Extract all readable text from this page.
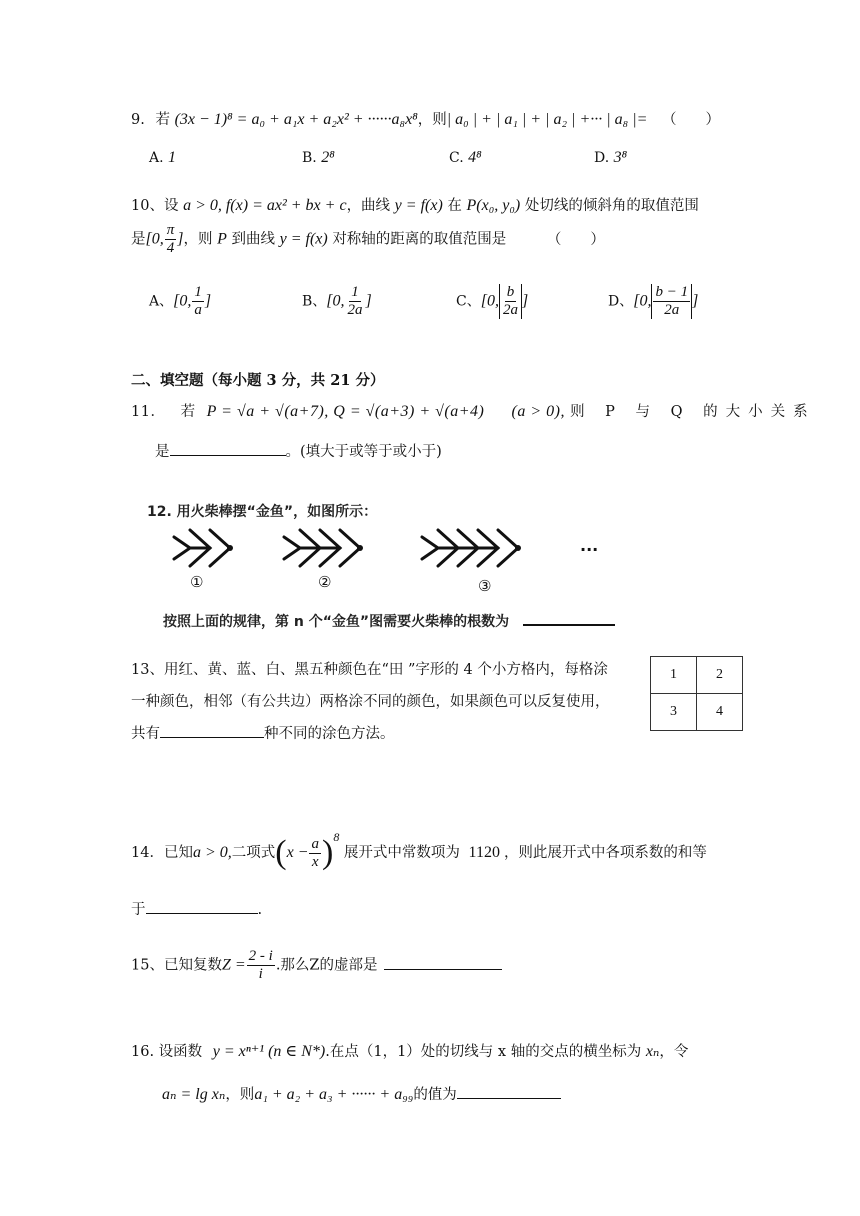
9. 若 (3x − 1)⁸ = a₀ + a₁x + a₂x² + ······a₈x⁸，则| a₀ | + | a₁ | + | a₂ | +··· | a₈ |= （　　）
A. 1	B. 2⁸	C. 4⁸	D. 3⁸
10、设 a > 0, f(x) = ax² + bx + c，曲线 y = f(x) 在 P(x₀, y₀) 处切线的倾斜角的取值范围
是[0, $\frac{\pi}{4}$ ]，则 P 到曲线 y = f(x) 对称轴的距离的取值范围是	（　　）
A、[0, $\frac{1}{a}$ ]	B、[0, $\frac{1}{2a}$ ]	C、[0, $\frac{b}{2a}$ ]	D、[0, $\frac{b - 1}{2a}$ ]
二、填空题（每小题 3 分，共 21 分）
11． 若 P = √a + √(a+7), Q = √(a+3) + √(a+4) (a > 0), 则 P 与 Q 的大小关系
是	。(填大于或等于或小于)
12. 用火柴棒摆“金鱼”，如图所示：
①	②	③
···
按照上面的规律，第 n 个“金鱼”图需要火柴棒的根数为
13、用红、黄、蓝、白、黑五种颜色在“田 ”字形的 4 个小方格内，每格涂
一种颜色，相邻（有公共边）两格涂不同的颜色，如果颜色可以反复使用，
共有	种不同的涂色方法。
1	2
3	4
14．已知a > 0,二项式 ( $x - \frac{a}{x} )^8$
展开式中常数项为 1120 ，则此展开式中各项系数的和等
于	.
15、已知复数$Z = \frac{2 - i}{i}$ .那么Z的虚部是
16. 设函数 y = xⁿ⁺¹ (n ∈ N*).在点（1，1）处的切线与 x 轴的交点的横坐标为 xₙ，令
aₙ = lg xₙ，则a₁ + a₂ + a₃ + ······ + a₉₉的值为
